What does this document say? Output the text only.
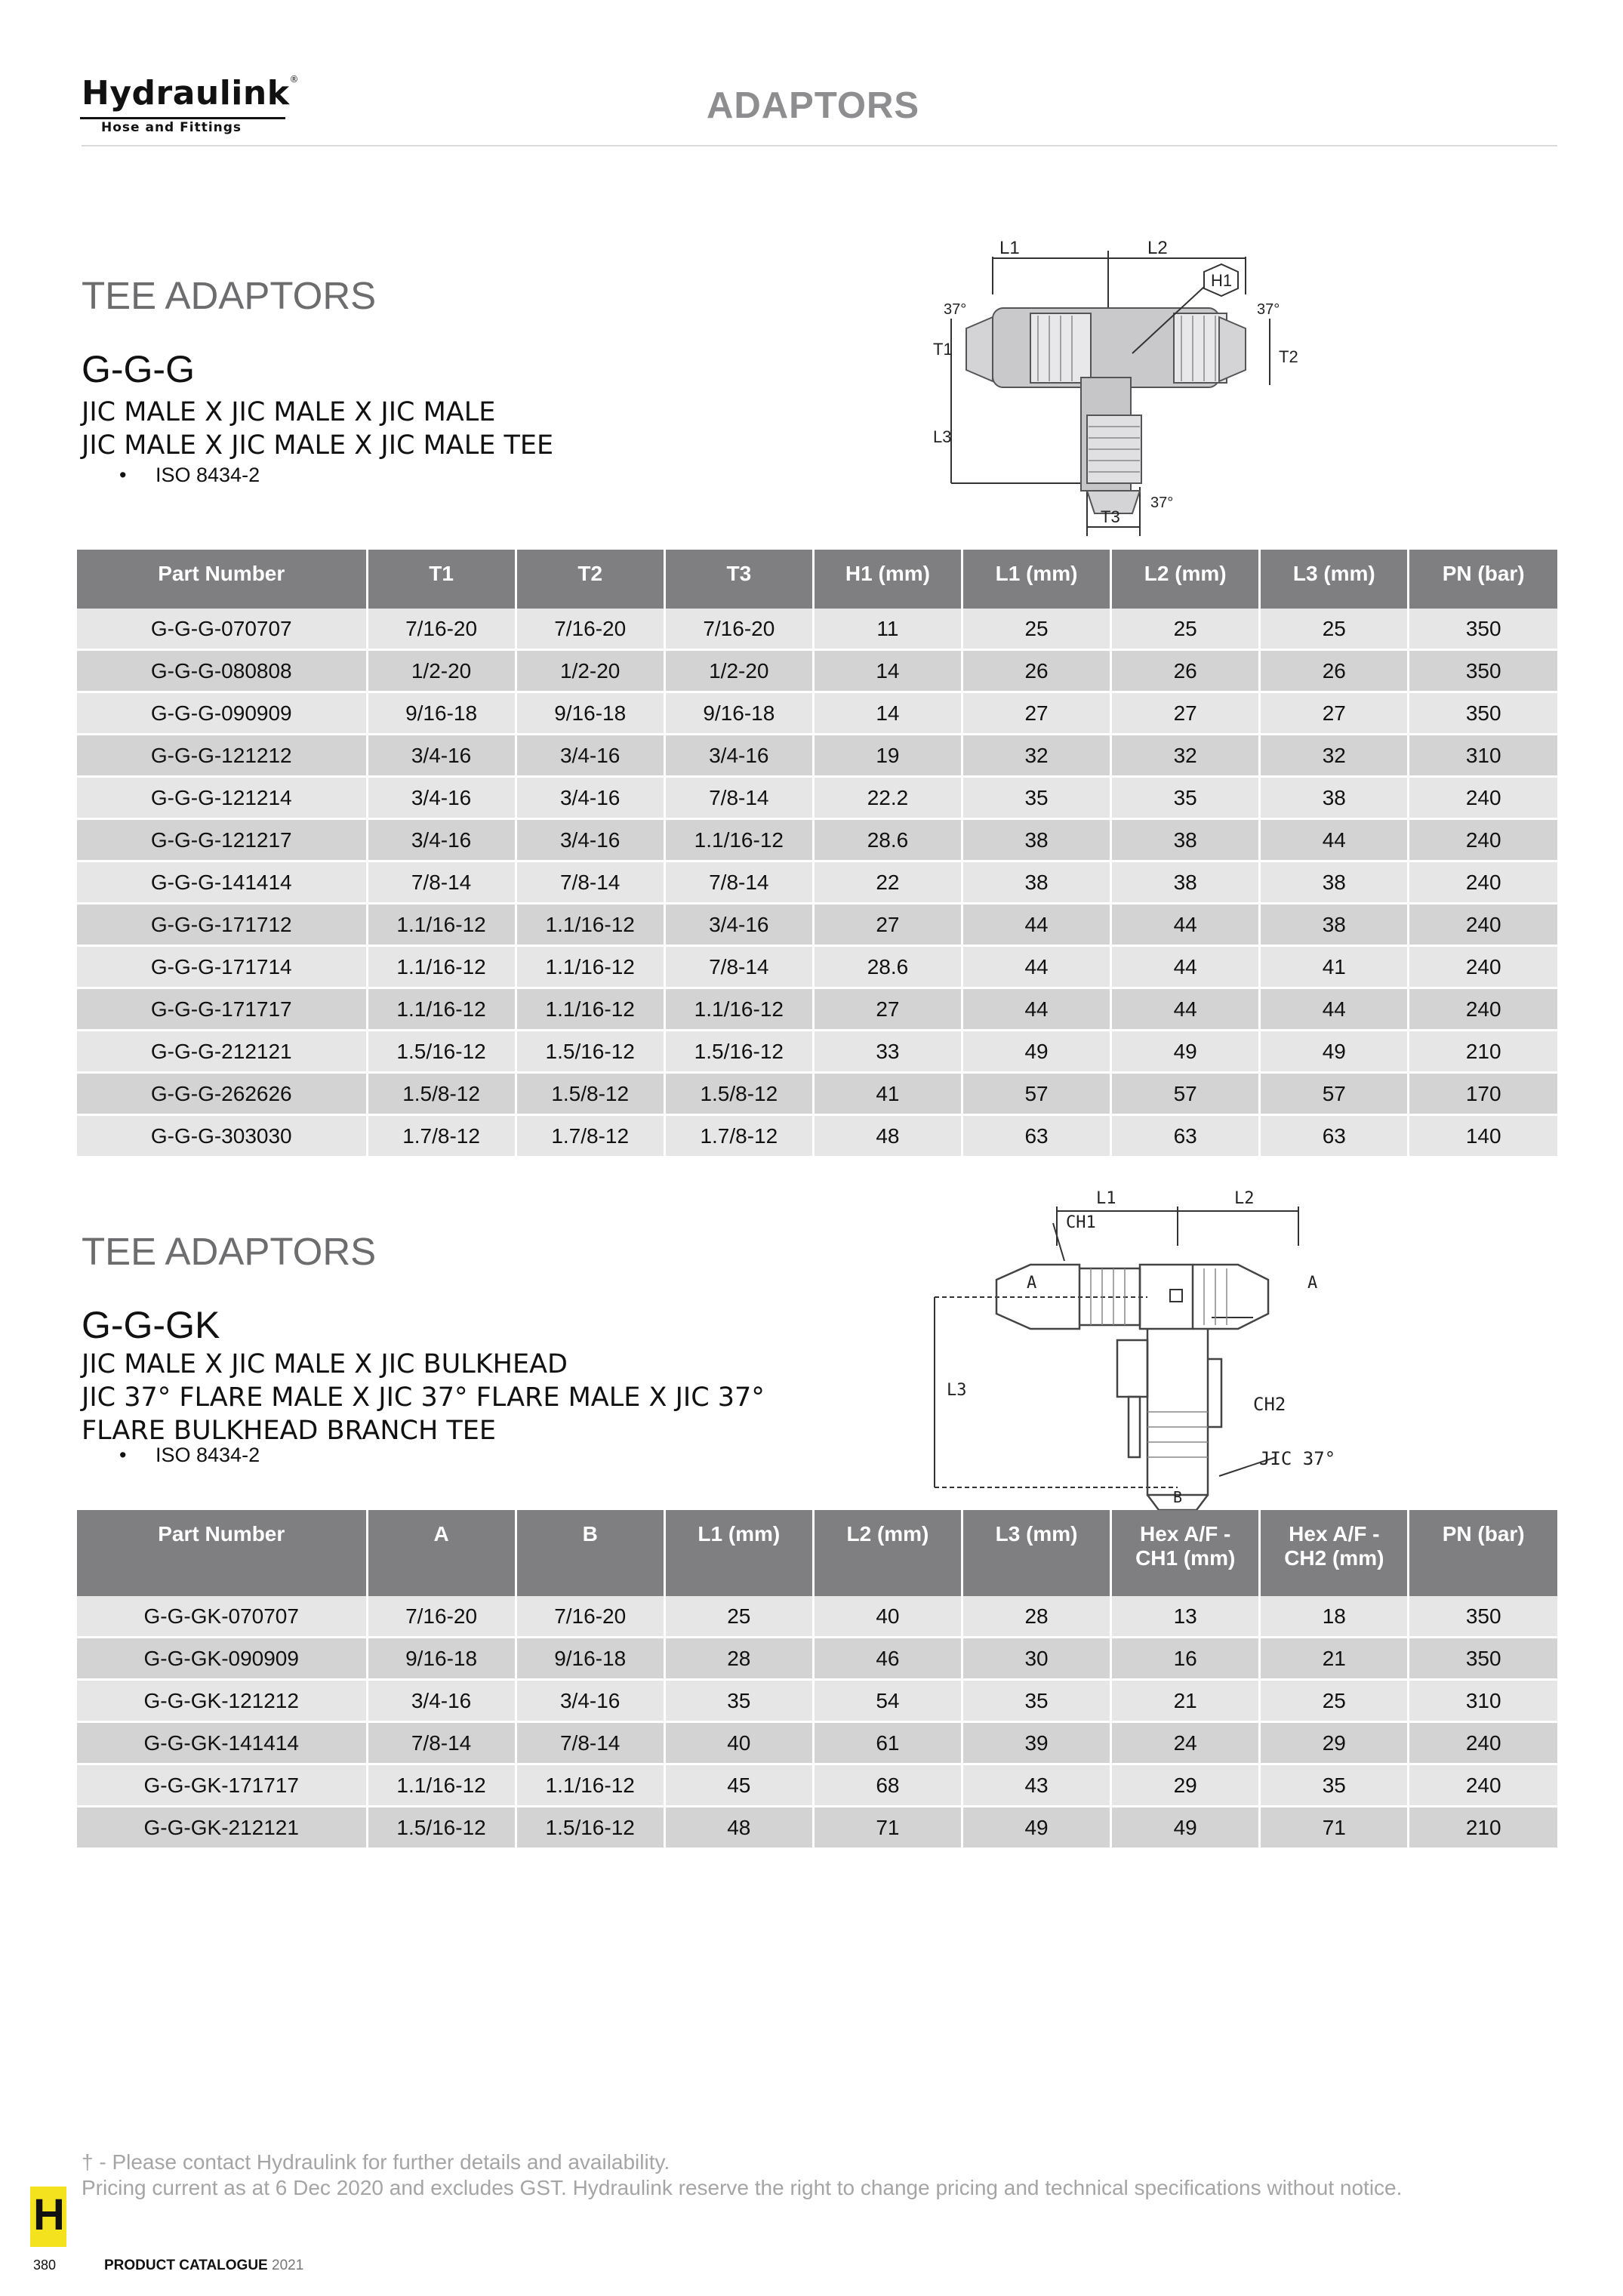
Hydraulink®
Hose and Fittings
ADAPTORS
TEE ADAPTORS
G-G-G
JIC MALE X JIC MALE X JIC MALE
JIC MALE X JIC MALE X JIC MALE TEE
• ISO 8434-2
L1	L2
H1
37°	37°
37°
T1	T2
T3
L3
Part Number	T1	T2	T3	H1 (mm)	L1 (mm)	L2 (mm)	L3 (mm)	PN (bar)
G-G-G-070707	7/16-20	7/16-20	7/16-20	11	25	25	25	350
G-G-G-080808	1/2-20	1/2-20	1/2-20	14	26	26	26	350
G-G-G-090909	9/16-18	9/16-18	9/16-18	14	27	27	27	350
G-G-G-121212	3/4-16	3/4-16	3/4-16	19	32	32	32	310
G-G-G-121214	3/4-16	3/4-16	7/8-14	22.2	35	35	38	240
G-G-G-121217	3/4-16	3/4-16	1.1/16-12	28.6	38	38	44	240
G-G-G-141414	7/8-14	7/8-14	7/8-14	22	38	38	38	240
G-G-G-171712	1.1/16-12	1.1/16-12	3/4-16	27	44	44	38	240
G-G-G-171714	1.1/16-12	1.1/16-12	7/8-14	28.6	44	44	41	240
G-G-G-171717	1.1/16-12	1.1/16-12	1.1/16-12	27	44	44	44	240
G-G-G-212121	1.5/16-12	1.5/16-12	1.5/16-12	33	49	49	49	210
G-G-G-262626	1.5/8-12	1.5/8-12	1.5/8-12	41	57	57	57	170
G-G-G-303030	1.7/8-12	1.7/8-12	1.7/8-12	48	63	63	63	140
TEE ADAPTORS
G-G-GK
JIC MALE X JIC MALE X JIC BULKHEAD
JIC 37° FLARE MALE X JIC 37° FLARE MALE X JIC 37°
FLARE BULKHEAD BRANCH TEE
• ISO 8434-2
L1	L2
CH1
A	A
L3
CH2
JIC 37°
B
Part Number	A	B	L1 (mm)	L2 (mm)	L3 (mm)	Hex A/F - CH1 (mm)	Hex A/F - CH2 (mm)	PN (bar)
G-G-GK-070707	7/16-20	7/16-20	25	40	28	13	18	350
G-G-GK-090909	9/16-18	9/16-18	28	46	30	16	21	350
G-G-GK-121212	3/4-16	3/4-16	35	54	35	21	25	310
G-G-GK-141414	7/8-14	7/8-14	40	61	39	24	29	240
G-G-GK-171717	1.1/16-12	1.1/16-12	45	68	43	29	35	240
G-G-GK-212121	1.5/16-12	1.5/16-12	48	71	49	49	71	210
† - Please contact Hydraulink for further details and availability.
Pricing current as at 6 Dec 2020 and excludes GST. Hydraulink reserve the right to change pricing and technical specifications without notice.
H
380	PRODUCT CATALOGUE 2021
